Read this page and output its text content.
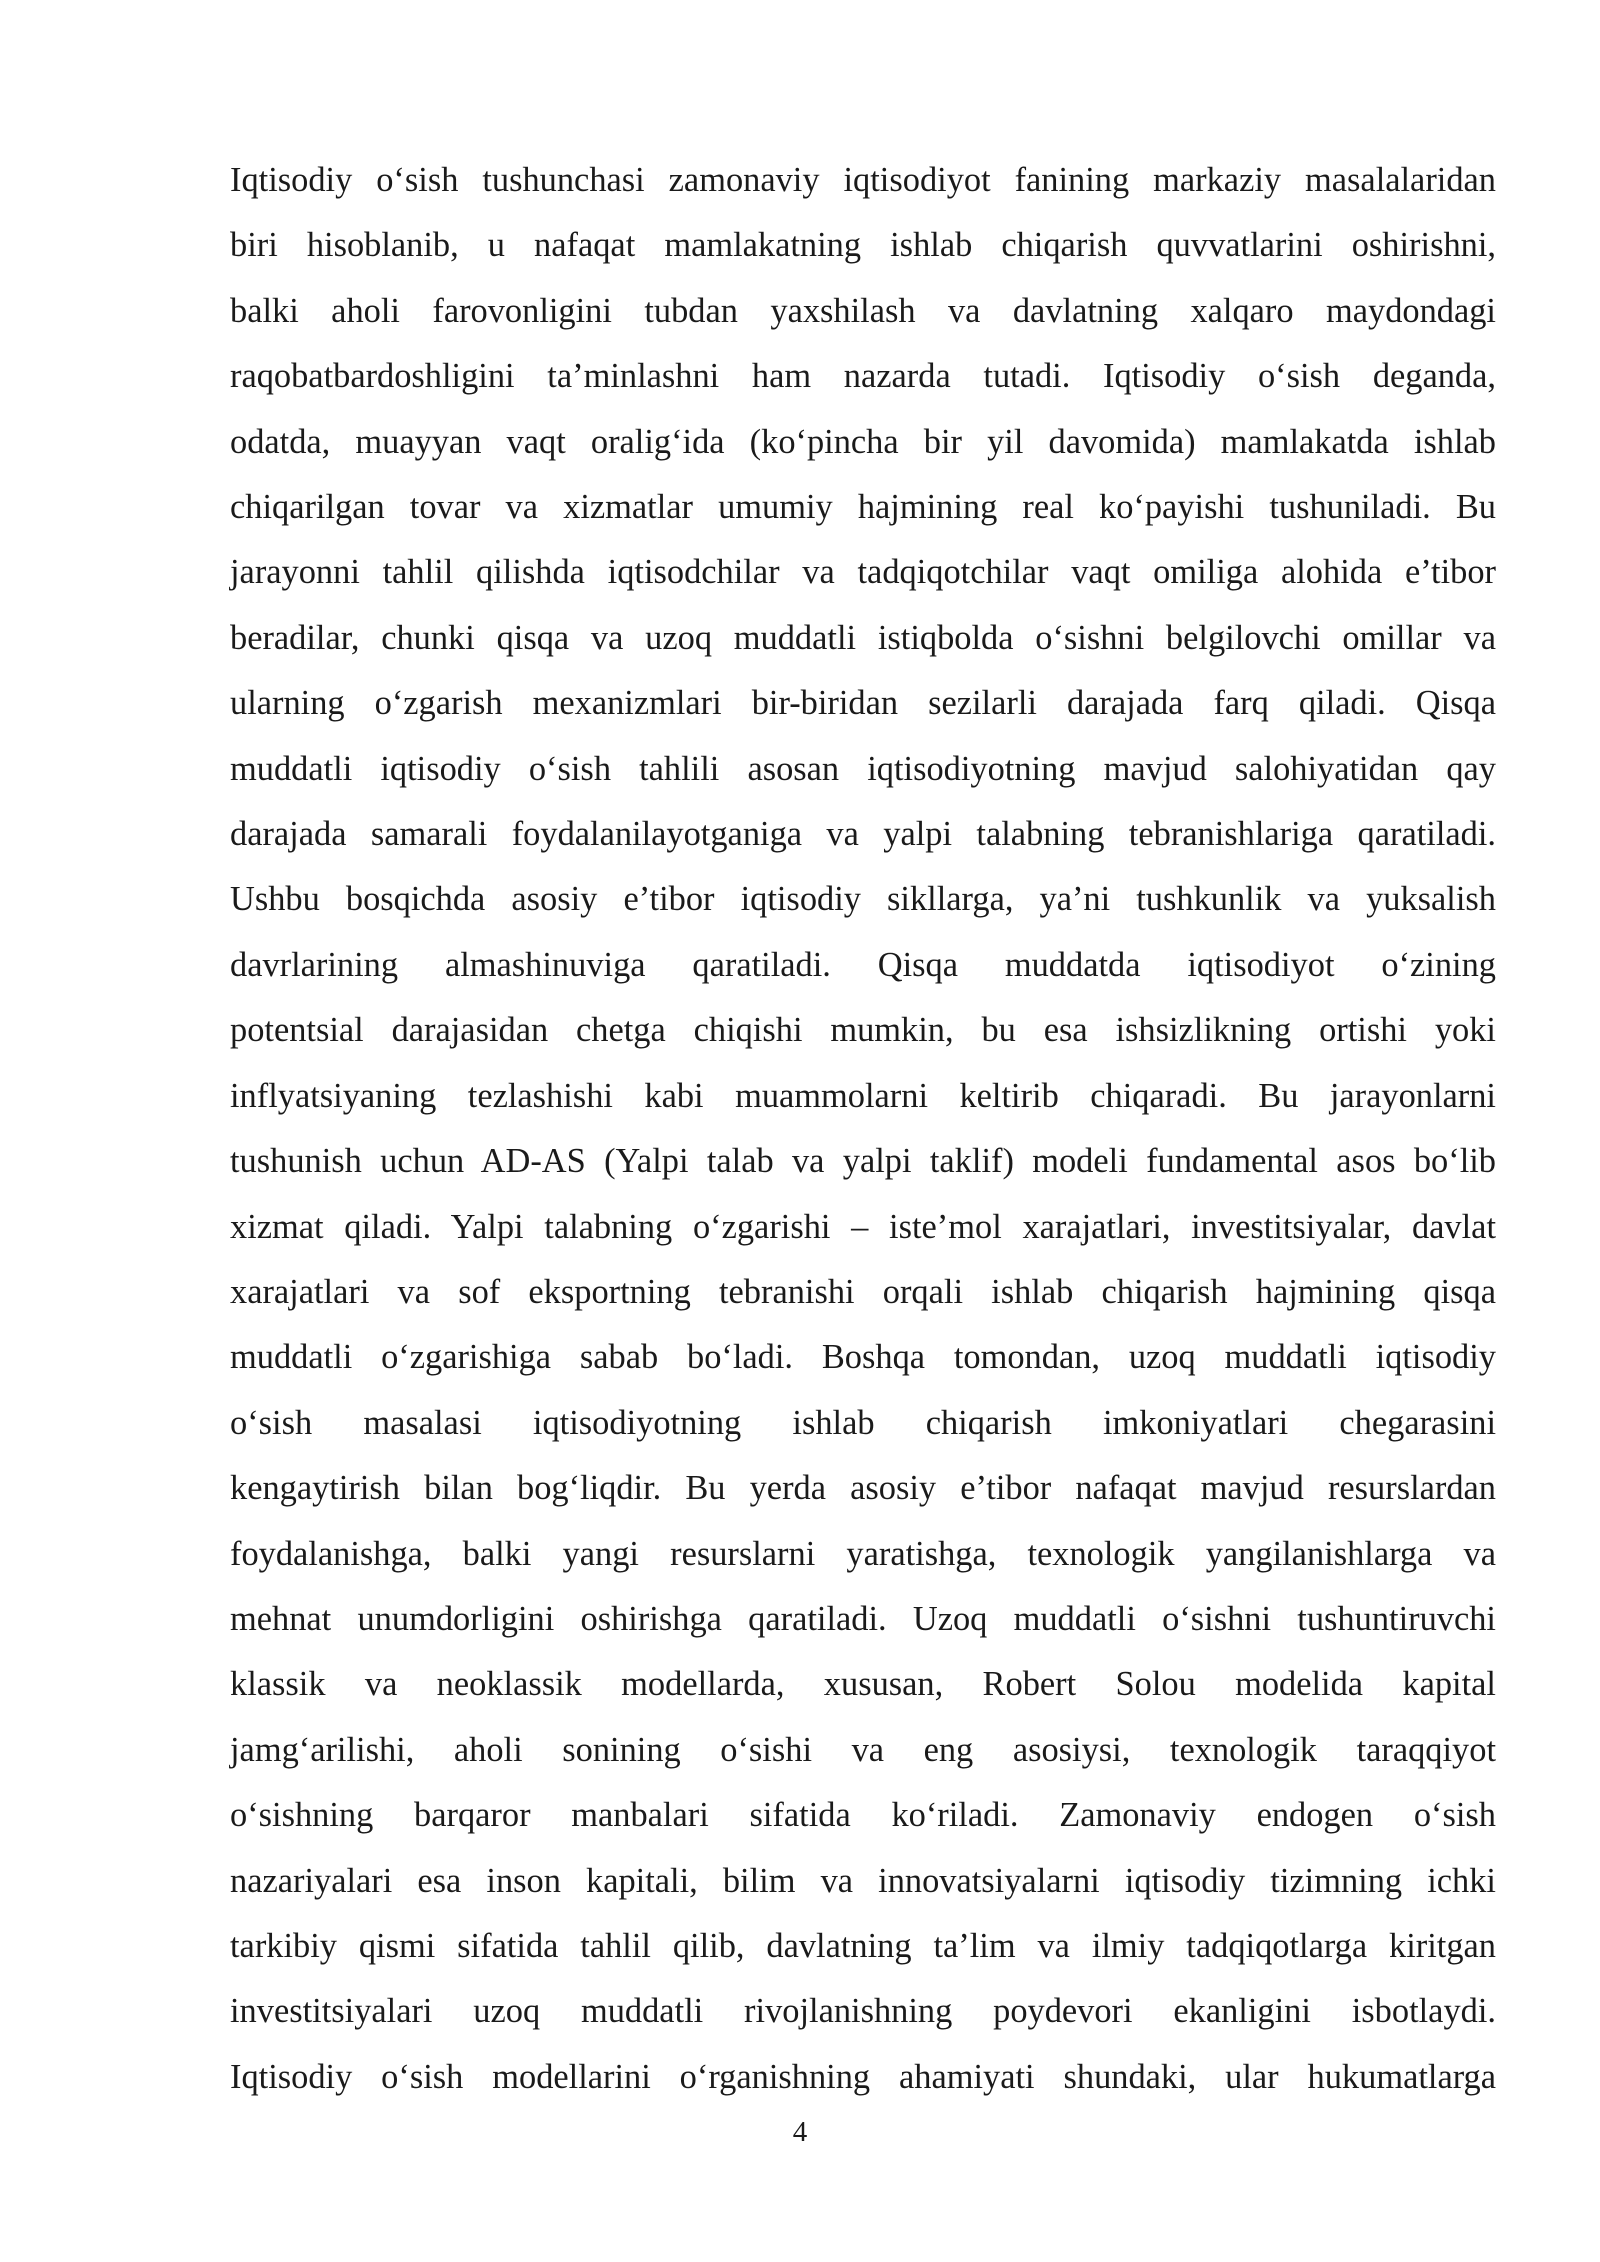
Iqtisodiy o‘sish tushunchasi zamonaviy iqtisodiyot fanining markaziy masalalaridan
biri hisoblanib, u nafaqat mamlakatning ishlab chiqarish quvvatlarini oshirishni,
balki aholi farovonligini tubdan yaxshilash va davlatning xalqaro maydondagi
raqobatbardoshligini ta’minlashni ham nazarda tutadi. Iqtisodiy o‘sish deganda,
odatda, muayyan vaqt oralig‘ida (ko‘pincha bir yil davomida) mamlakatda ishlab
chiqarilgan tovar va xizmatlar umumiy hajmining real ko‘payishi tushuniladi. Bu
jarayonni tahlil qilishda iqtisodchilar va tadqiqotchilar vaqt omiliga alohida e’tibor
beradilar, chunki qisqa va uzoq muddatli istiqbolda o‘sishni belgilovchi omillar va
ularning o‘zgarish mexanizmlari bir-biridan sezilarli darajada farq qiladi. Qisqa
muddatli iqtisodiy o‘sish tahlili asosan iqtisodiyotning mavjud salohiyatidan qay
darajada samarali foydalanilayotganiga va yalpi talabning tebranishlariga qaratiladi.
Ushbu bosqichda asosiy e’tibor iqtisodiy sikllarga, ya’ni tushkunlik va yuksalish
davrlarining almashinuviga qaratiladi. Qisqa muddatda iqtisodiyot o‘zining
potentsial darajasidan chetga chiqishi mumkin, bu esa ishsizlikning ortishi yoki
inflyatsiyaning tezlashishi kabi muammolarni keltirib chiqaradi. Bu jarayonlarni
tushunish uchun AD-AS (Yalpi talab va yalpi taklif) modeli fundamental asos bo‘lib
xizmat qiladi. Yalpi talabning o‘zgarishi – iste’mol xarajatlari, investitsiyalar, davlat
xarajatlari va sof eksportning tebranishi orqali ishlab chiqarish hajmining qisqa
muddatli o‘zgarishiga sabab bo‘ladi. Boshqa tomondan, uzoq muddatli iqtisodiy
o‘sish masalasi iqtisodiyotning ishlab chiqarish imkoniyatlari chegarasini
kengaytirish bilan bog‘liqdir. Bu yerda asosiy e’tibor nafaqat mavjud resurslardan
foydalanishga, balki yangi resurslarni yaratishga, texnologik yangilanishlarga va
mehnat unumdorligini oshirishga qaratiladi. Uzoq muddatli o‘sishni tushuntiruvchi
klassik va neoklassik modellarda, xususan, Robert Solou modelida kapital
jamg‘arilishi, aholi sonining o‘sishi va eng asosiysi, texnologik taraqqiyot
o‘sishning barqaror manbalari sifatida ko‘riladi. Zamonaviy endogen o‘sish
nazariyalari esa inson kapitali, bilim va innovatsiyalarni iqtisodiy tizimning ichki
tarkibiy qismi sifatida tahlil qilib, davlatning ta’lim va ilmiy tadqiqotlarga kiritgan
investitsiyalari uzoq muddatli rivojlanishning poydevori ekanligini isbotlaydi.
Iqtisodiy o‘sish modellarini o‘rganishning ahamiyati shundaki, ular hukumatlarga
4
